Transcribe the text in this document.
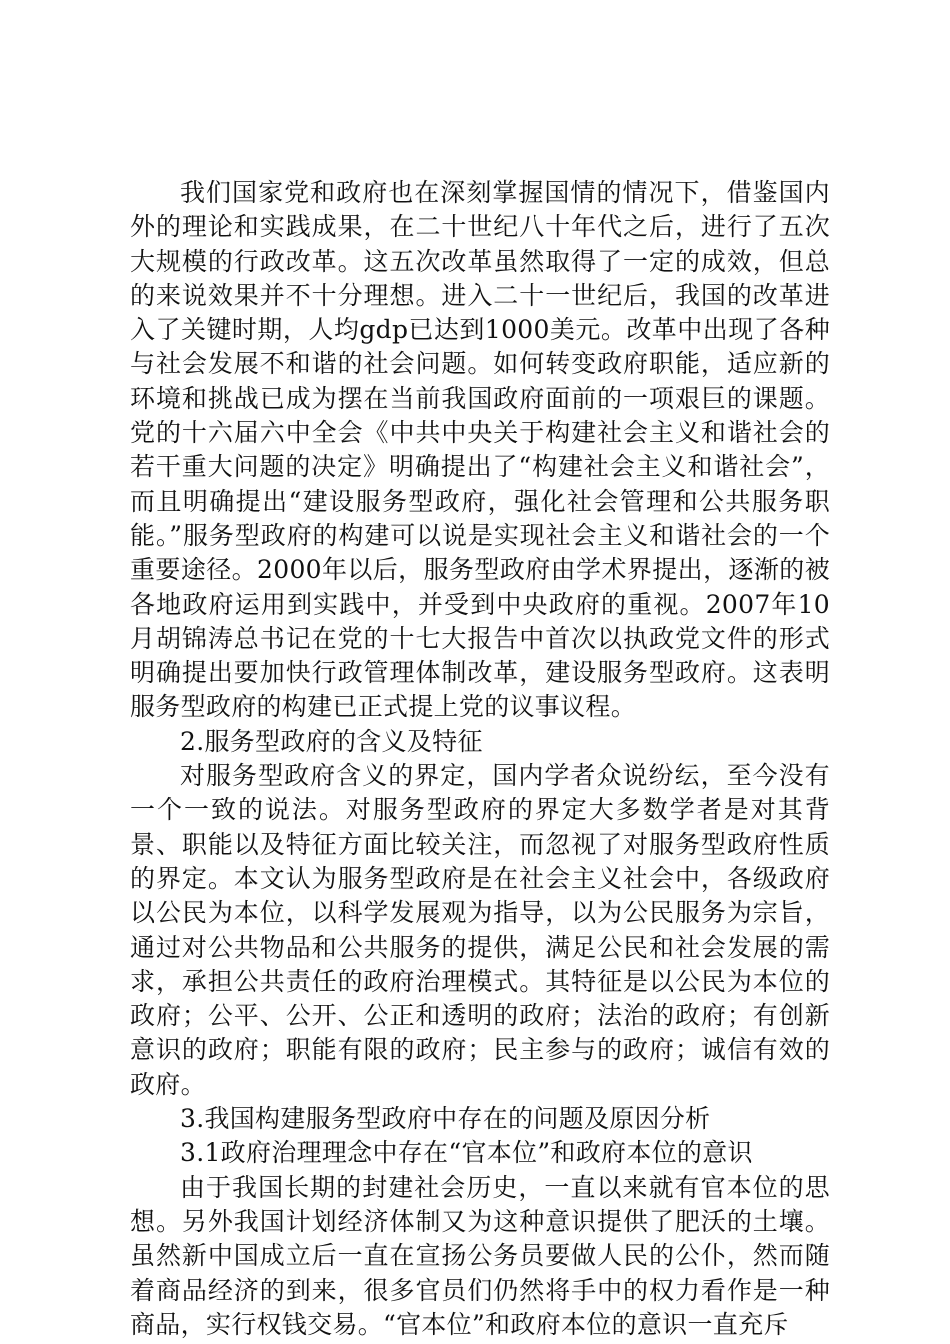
我们国家党和政府也在深刻掌握国情的情况下，借鉴国内外的理论和实践成果，在二十世纪八十年代之后，进行了五次大规模的行政改革。这五次改革虽然取得了一定的成效，但总的来说效果并不十分理想。进入二十一世纪后，我国的改革进入了关键时期，人均gdp已达到1000美元。改革中出现了各种与社会发展不和谐的社会问题。如何转变政府职能，适应新的环境和挑战已成为摆在当前我国政府面前的一项艰巨的课题。党的十六届六中全会《中共中央关于构建社会主义和谐社会的若干重大问题的决定》明确提出了“构建社会主义和谐社会”，而且明确提出“建设服务型政府，强化社会管理和公共服务职能。”服务型政府的构建可以说是实现社会主义和谐社会的一个重要途径。2000年以后，服务型政府由学术界提出，逐渐的被各地政府运用到实践中，并受到中央政府的重视。2007年10月胡锦涛总书记在党的十七大报告中首次以执政党文件的形式明确提出要加快行政管理体制改革，建设服务型政府。这表明服务型政府的构建已正式提上党的议事议程。

2.服务型政府的含义及特征

对服务型政府含义的界定，国内学者众说纷纭，至今没有一个一致的说法。对服务型政府的界定大多数学者是对其背景、职能以及特征方面比较关注，而忽视了对服务型政府性质的界定。本文认为服务型政府是在社会主义社会中，各级政府以公民为本位，以科学发展观为指导，以为公民服务为宗旨，通过对公共物品和公共服务的提供，满足公民和社会发展的需求，承担公共责任的政府治理模式。其特征是以公民为本位的政府；公平、公开、公正和透明的政府；法治的政府；有创新意识的政府；职能有限的政府；民主参与的政府；诚信有效的政府。

3.我国构建服务型政府中存在的问题及原因分析

3.1政府治理理念中存在“官本位”和政府本位的意识

由于我国长期的封建社会历史，一直以来就有官本位的思想。另外我国计划经济体制又为这种意识提供了肥沃的土壤。虽然新中国成立后一直在宣扬公务员要做人民的公仆，然而随着商品经济的到来，很多官员们仍然将手中的权力看作是一种商品，实行权钱交易。“官本位”和政府本位的意识一直充斥
